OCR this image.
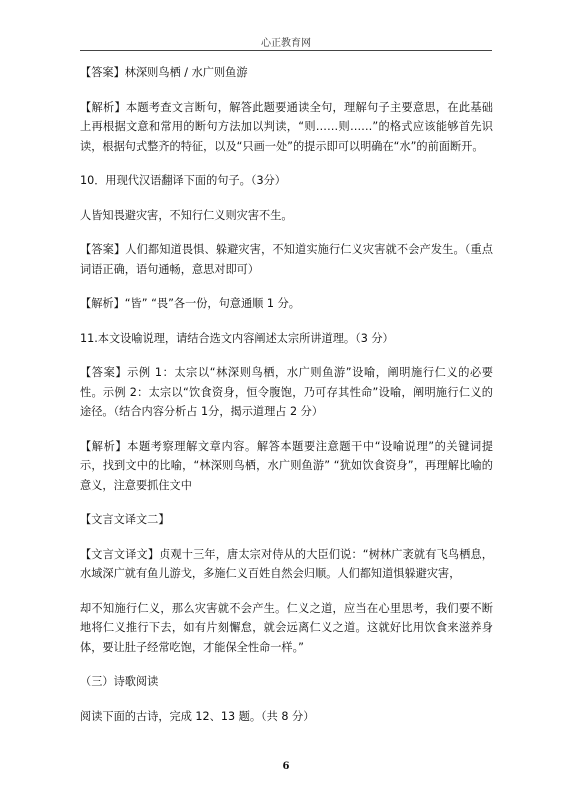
心正教育网

【答案】林深则鸟栖 / 水广则鱼游

【解析】本题考查文言断句，解答此题要通读全句，理解句子主要意思，在此基础上再根据文意和常用的断句方法加以判读，“则……则……”的格式应该能够首先识读，根据句式整齐的特征，以及“只画一处”的提示即可以明确在“水”的前面断开。

10．用现代汉语翻译下面的句子。（3分）

人皆知畏避灾害，不知行仁义则灾害不生。

【答案】人们都知道畏惧、躲避灾害，不知道实施行仁义灾害就不会产发生。（重点词语正确，语句通畅，意思对即可）

【解析】“皆” “畏”各一份，句意通顺 1 分。

11.本文设喻说理，请结合选文内容阐述太宗所讲道理。（3 分）

【答案】示例 1：太宗以“林深则鸟栖，水广则鱼游”设喻，阐明施行仁义的必要性。示例 2：太宗以“饮食资身，恒令腹饱，乃可存其性命”设喻，阐明施行仁义的途径。（结合内容分析占 1分，揭示道理占 2 分）

【解析】本题考察理解文章内容。解答本题要注意题干中“设喻说理”的关键词提示，找到文中的比喻，“林深则鸟栖，水广则鱼游” “犹如饮食资身”，再理解比喻的意义，注意要抓住文中

【文言文译文二】

【文言文译文】贞观十三年，唐太宗对侍从的大臣们说：“树林广袤就有飞鸟栖息，水域深广就有鱼儿游戈，多施仁义百姓自然会归顺。人们都知道惧躲避灾害，

却不知施行仁义，那么灾害就不会产生。仁义之道，应当在心里思考，我们要不断地将仁义推行下去，如有片刻懈怠，就会远离仁义之道。这就好比用饮食来滋养身体，要让肚子经常吃饱，才能保全性命一样。”

（三）诗歌阅读

阅读下面的古诗，完成 12、13 题。（共 8 分）

6
